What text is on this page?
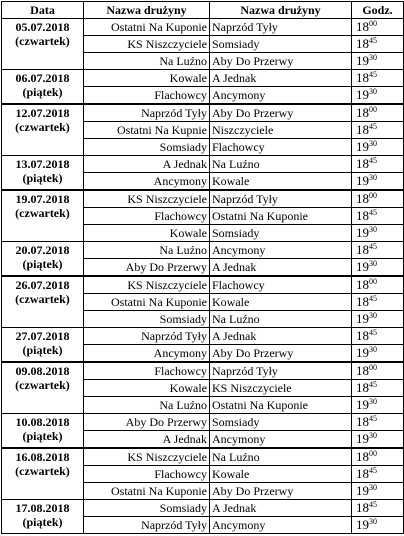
Data	Nazwa drużyny	Nazwa drużyny	Godz.

05.07.2018
(czwartek)	Ostatni Na Kuponie	Naprzód Tyły	$18^{00}$
	KS Niszczyciele	Somsiady	$18^{45}$
	Na Luźno	Aby Do Przerwy	$19^{30}$

06.07.2018
(piątek)	Kowale	A Jednak	$18^{45}$
	Flachowcy	Ancymony	$19^{30}$

12.07.2018
(czwartek)	Naprzód Tyły	Aby Do Przerwy	$18^{00}$
	Ostatni Na Kupnie	Niszczyciele	$18^{45}$
	Somsiady	Flachowcy	$19^{30}$

13.07.2018
(piątek)	A Jednak	Na Luźno	$18^{45}$
	Ancymony	Kowale	$19^{30}$

19.07.2018
(czwartek)	KS Niszczyciele	Naprzód Tyły	$18^{00}$
	Flachowcy	Ostatni Na Kuponie	$18^{45}$
	Kowale	Somsiady	$19^{30}$

20.07.2018
(piątek)	Na Luźno	Ancymony	$18^{45}$
	Aby Do Przerwy	A Jednak	$19^{30}$

26.07.2018
(czwartek)	KS Niszczyciele	Flachowcy	$18^{00}$
	Ostatni Na Kuponie	Kowale	$18^{45}$
	Somsiady	Na Luźno	$19^{30}$

27.07.2018
(piątek)	Naprzód Tyły	A Jednak	$18^{45}$
	Ancymony	Aby Do Przerwy	$19^{30}$

09.08.2018
(czwartek)	Flachowcy	Naprzód Tyły	$18^{00}$
	Kowale	KS Niszczyciele	$18^{45}$
	Na Luźno	Ostatni Na Kuponie	$19^{30}$

10.08.2018
(piątek)	Aby Do Przerwy	Somsiady	$18^{45}$
	A Jednak	Ancymony	$19^{30}$

16.08.2018
(czwartek)	KS Niszczyciele	Na Luźno	$18^{00}$
	Flachowcy	Kowale	$18^{45}$
	Ostatni Na Kuponie	Aby Do Przerwy	$19^{30}$

17.08.2018
(piątek)	Somsiady	A Jednak	$18^{45}$
	Naprzód Tyły	Ancymony	$19^{30}$
